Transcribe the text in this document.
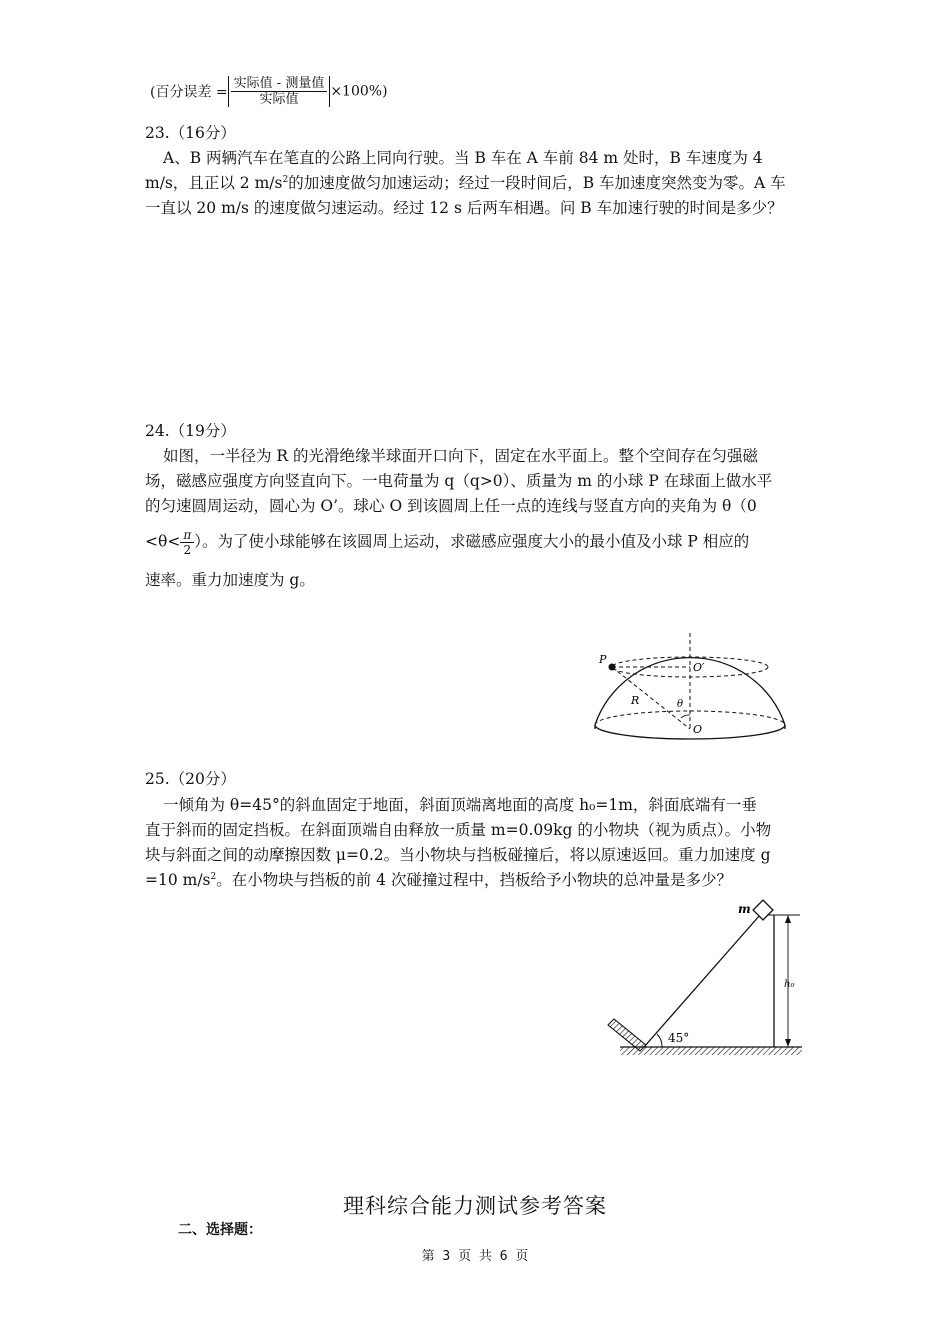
(百分误差 = $\frac{\text{实际值 - 测量值}}{\text{实际值}} \times 100\%$)
23.（16分）
A、B 两辆汽车在笔直的公路上同向行驶。当 B 车在 A 车前 84 m 处时，B 车速度为 4
m/s，且正以 2 $m/s^2$的加速度做匀加速运动；经过一段时间后，B 车加速度突然变为零。A 车
一直以 20 m/s 的速度做匀速运动。经过 12 s 后两车相遇。问 B 车加速行驶的时间是多少？
24.（19分）
如图，一半径为 R 的光滑绝缘半球面开口向下，固定在水平面上。整个空间存在匀强磁
场，磁感应强度方向竖直向下。一电荷量为 q（q>0）、质量为 m 的小球 P 在球面上做水平
的匀速圆周运动，圆心为 O’。球心 O 到该圆周上任一点的连线与竖直方向的夹角为 θ（0
$<\theta< \frac{\pi}{2}$ ）。为了使小球能够在该圆周上运动，求磁感应强度大小的最小值及小球 P 相应的
速率。重力加速度为 g。
P
O′
R	θ
O
25.（20分）
一倾角为 θ=45°的斜血固定于地面，斜面顶端离地面的高度 h₀=1m，斜面底端有一垂
直于斜而的固定挡板。在斜面顶端自由释放一质量 m=0.09kg 的小物块（视为质点）。小物
块与斜面之间的动摩擦因数 μ=0.2。当小物块与挡板碰撞后，将以原速返回。重力加速度 g
=10 $m/s^2$。在小物块与挡板的前 4 次碰撞过程中，挡板给予小物块的总冲量是多少？
m
h₀
45°
理科综合能力测试参考答案
二、选择题：
第 3 页 共 6 页
